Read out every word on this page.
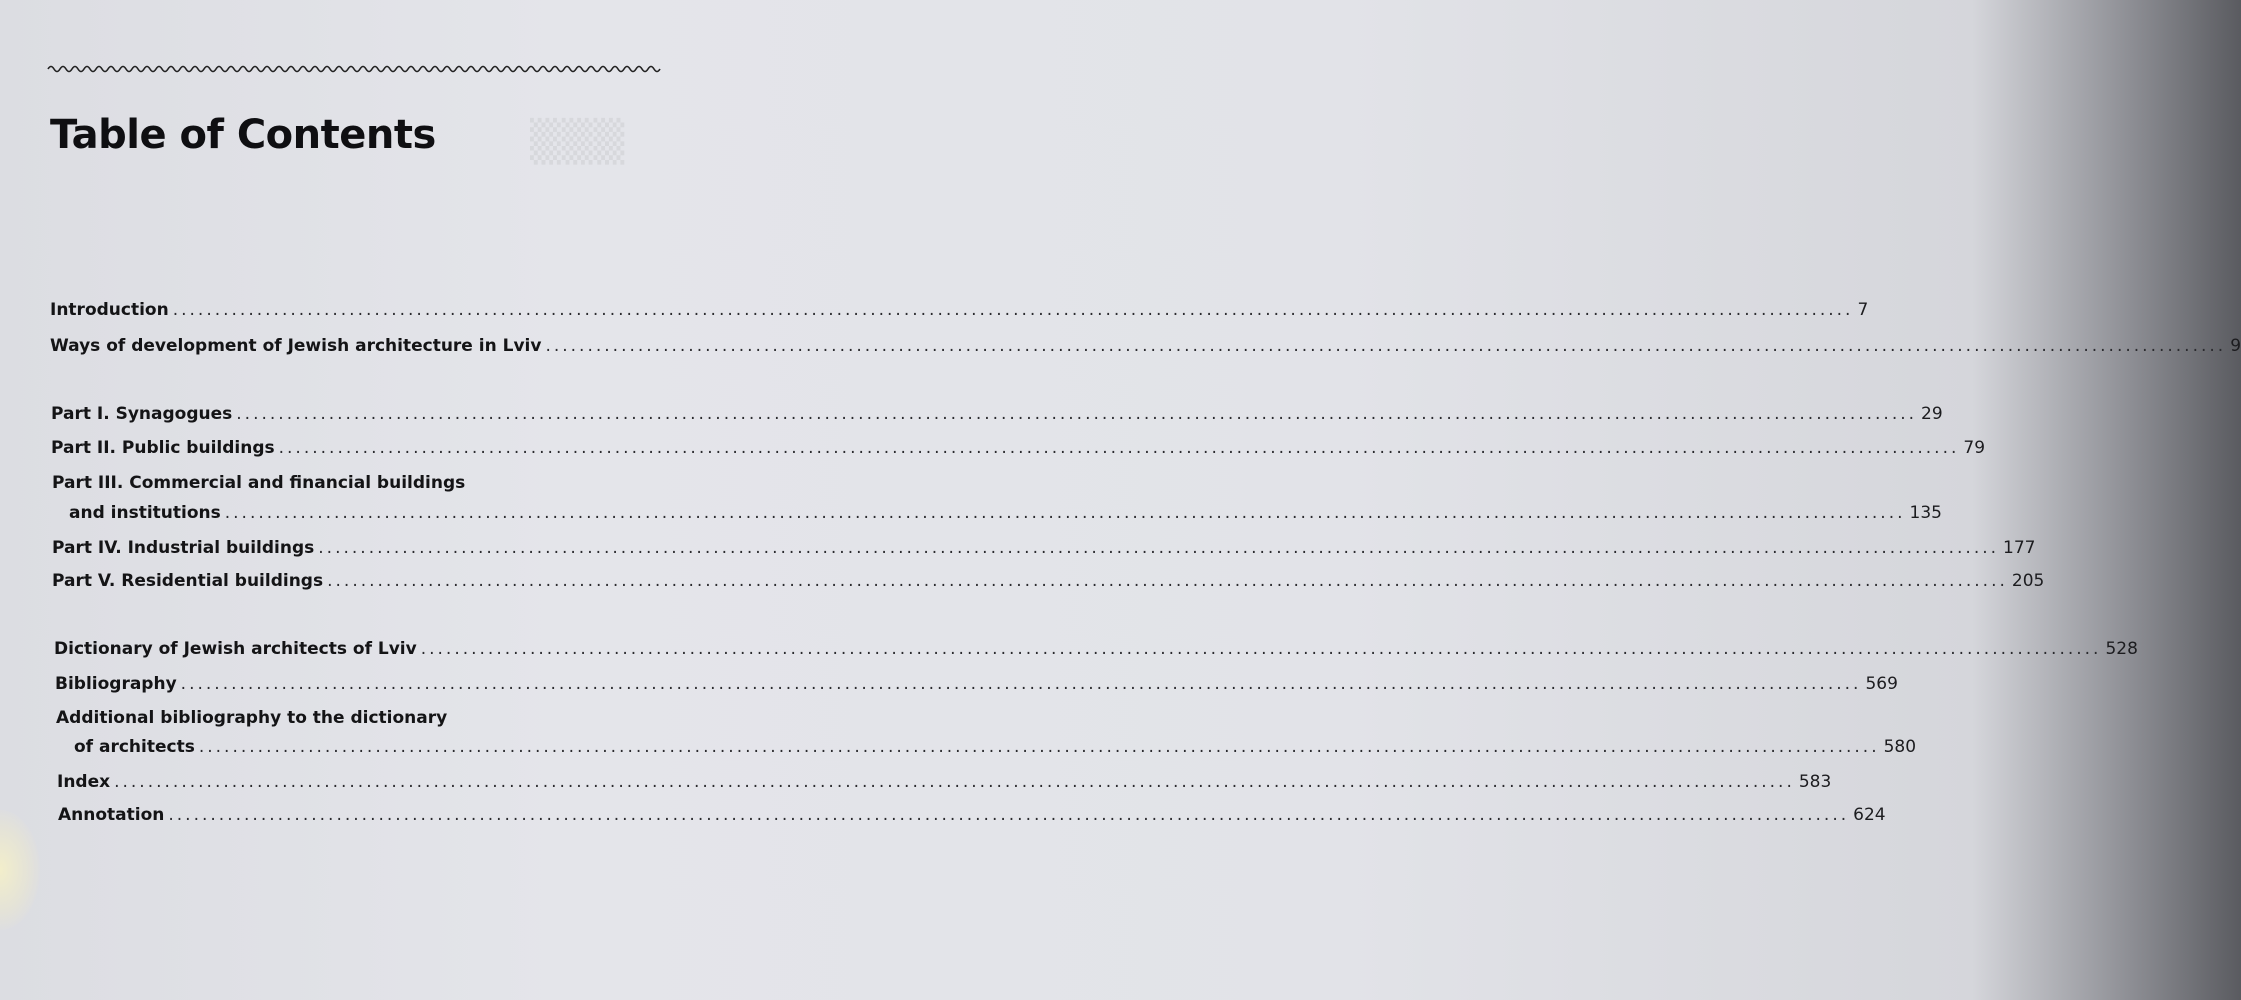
▒▒▒
Table of Contents
Introduction ........................................................................................................................................................................................................ 7
Ways of development of Jewish architecture in Lviv ........................................................................................................................................................................................................ 9
Part I. Synagogues ........................................................................................................................................................................................................ 29
Part II. Public buildings ........................................................................................................................................................................................................ 79
Part III. Commercial and financial buildings
and institutions ........................................................................................................................................................................................................ 135
Part IV. Industrial buildings ........................................................................................................................................................................................................ 177
Part V. Residential buildings ........................................................................................................................................................................................................ 205
Dictionary of Jewish architects of Lviv ........................................................................................................................................................................................................ 528
Bibliography ........................................................................................................................................................................................................ 569
Additional bibliography to the dictionary
of architects ........................................................................................................................................................................................................ 580
Index ........................................................................................................................................................................................................ 583
Annotation ........................................................................................................................................................................................................ 624
